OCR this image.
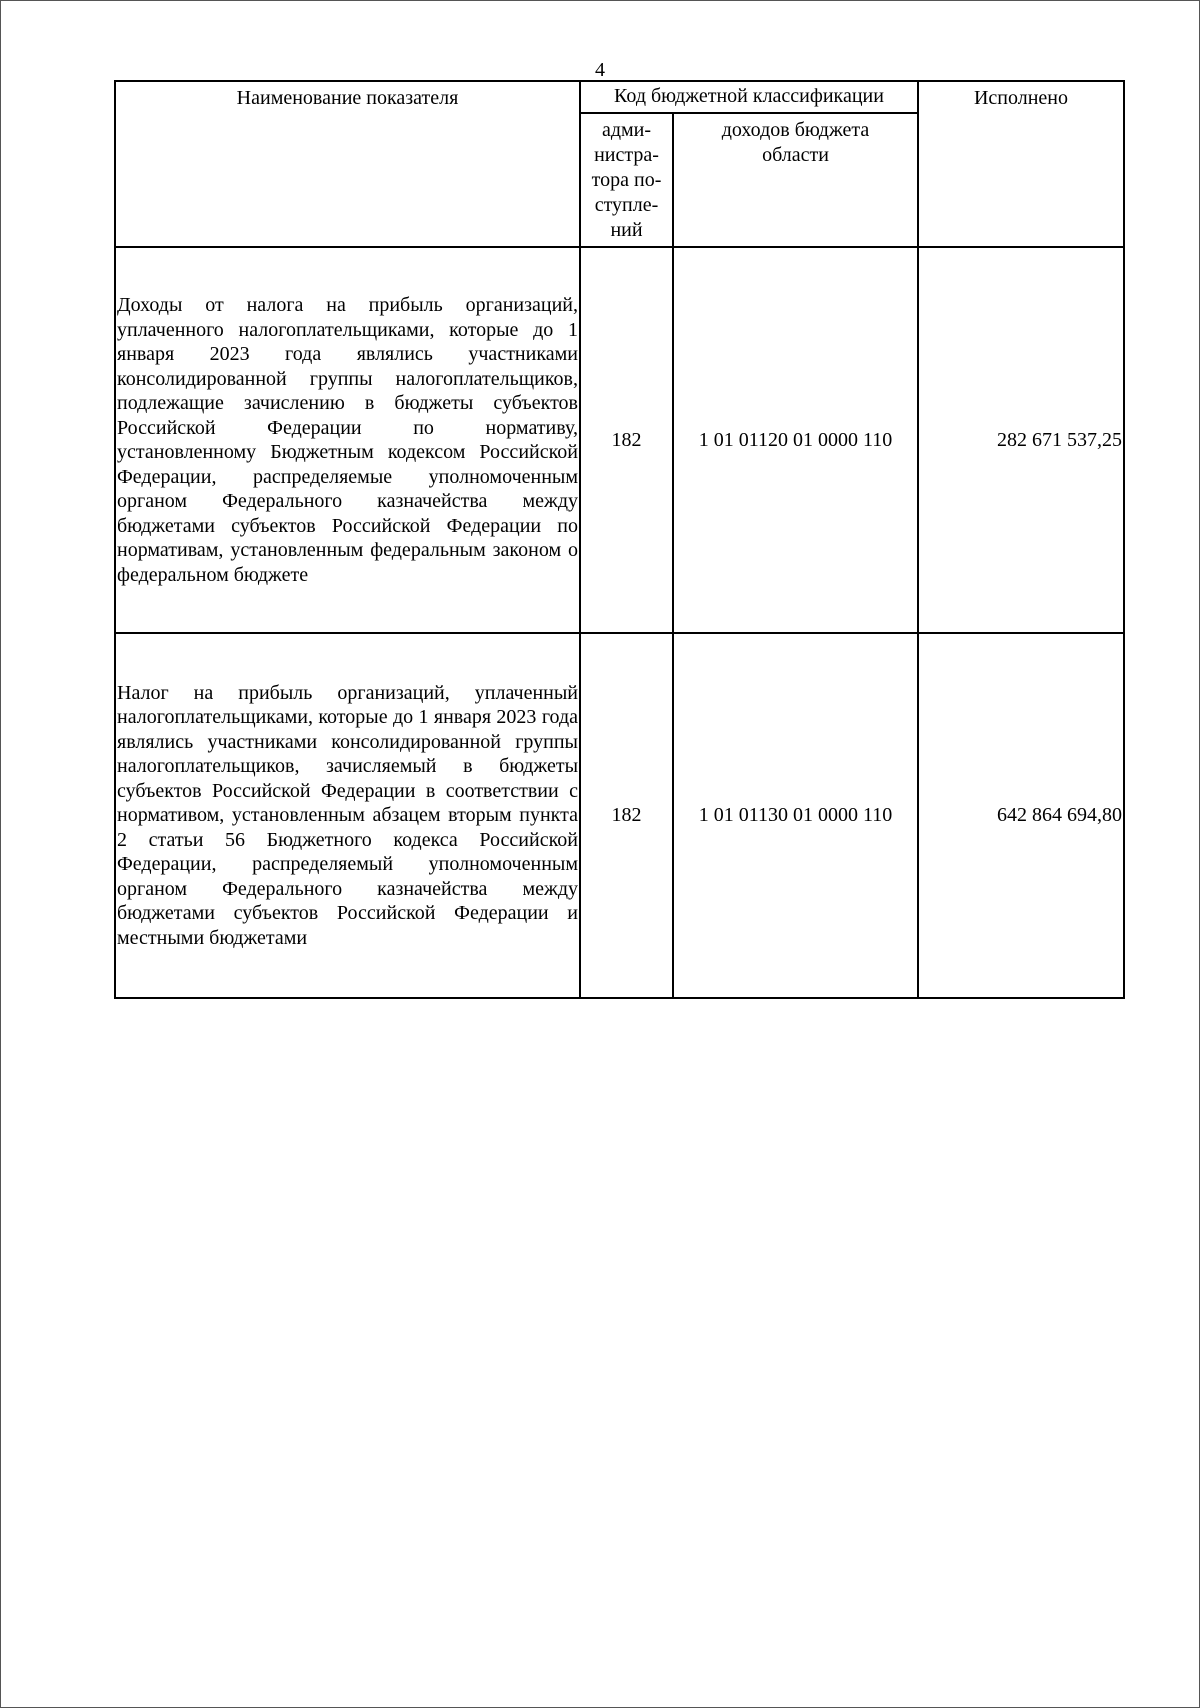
4
Наименование показателя	Код бюджетной классификации		Исполнено
	адми-
нистра-
тора по-
ступле-
ний	доходов бюджета
области	
Доходы от налога на прибыль организаций, уплаченного налогоплательщиками, которые до 1 января 2023 года являлись участниками консолидированной группы налогоплательщиков, подлежащие зачислению в бюджеты субъектов Российской Федерации по нормативу, установленному Бюджетным кодексом Российской Федерации, распределяемые уполномоченным органом Федерального казначейства между бюджетами субъектов Российской Федерации по нормативам, установленным федеральным законом о федеральном бюджете	182	1 01 01120 01 0000 110	282 671 537,25
Налог на прибыль организаций, уплаченный налогоплательщиками, которые до 1 января 2023 года являлись участниками консолидированной группы налогоплательщиков, зачисляемый в бюджеты субъектов Российской Федерации в соответствии с нормативом, установленным абзацем вторым пункта 2 статьи 56 Бюджетного кодекса Российской Федерации, распределяемый уполномоченным органом Федерального казначейства между бюджетами субъектов Российской Федерации и местными бюджетами	182	1 01 01130 01 0000 110	642 864 694,80
